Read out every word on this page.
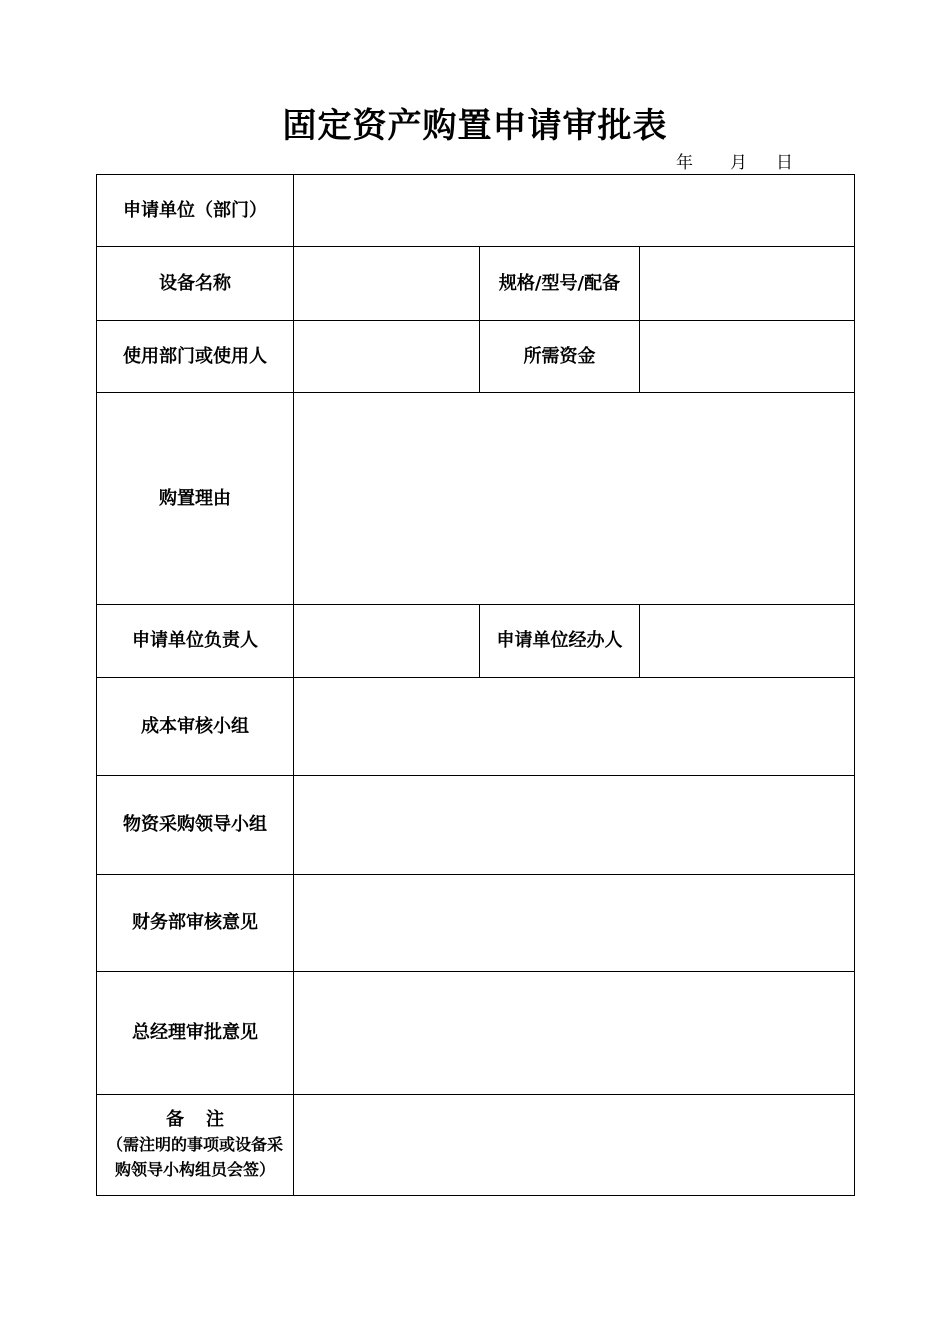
固定资产购置申请审批表
年 月 日
申请单位（部门）			
设备名称		规格/型号/配备	
使用部门或使用人		所需资金	
购置理由			
申请单位负责人		申请单位经办人	
成本审核小组			
物资采购领导小组			
财务部审核意见			
总经理审批意见			

备 注
（需注明的事项或设备采购领导小构组员会签）			
